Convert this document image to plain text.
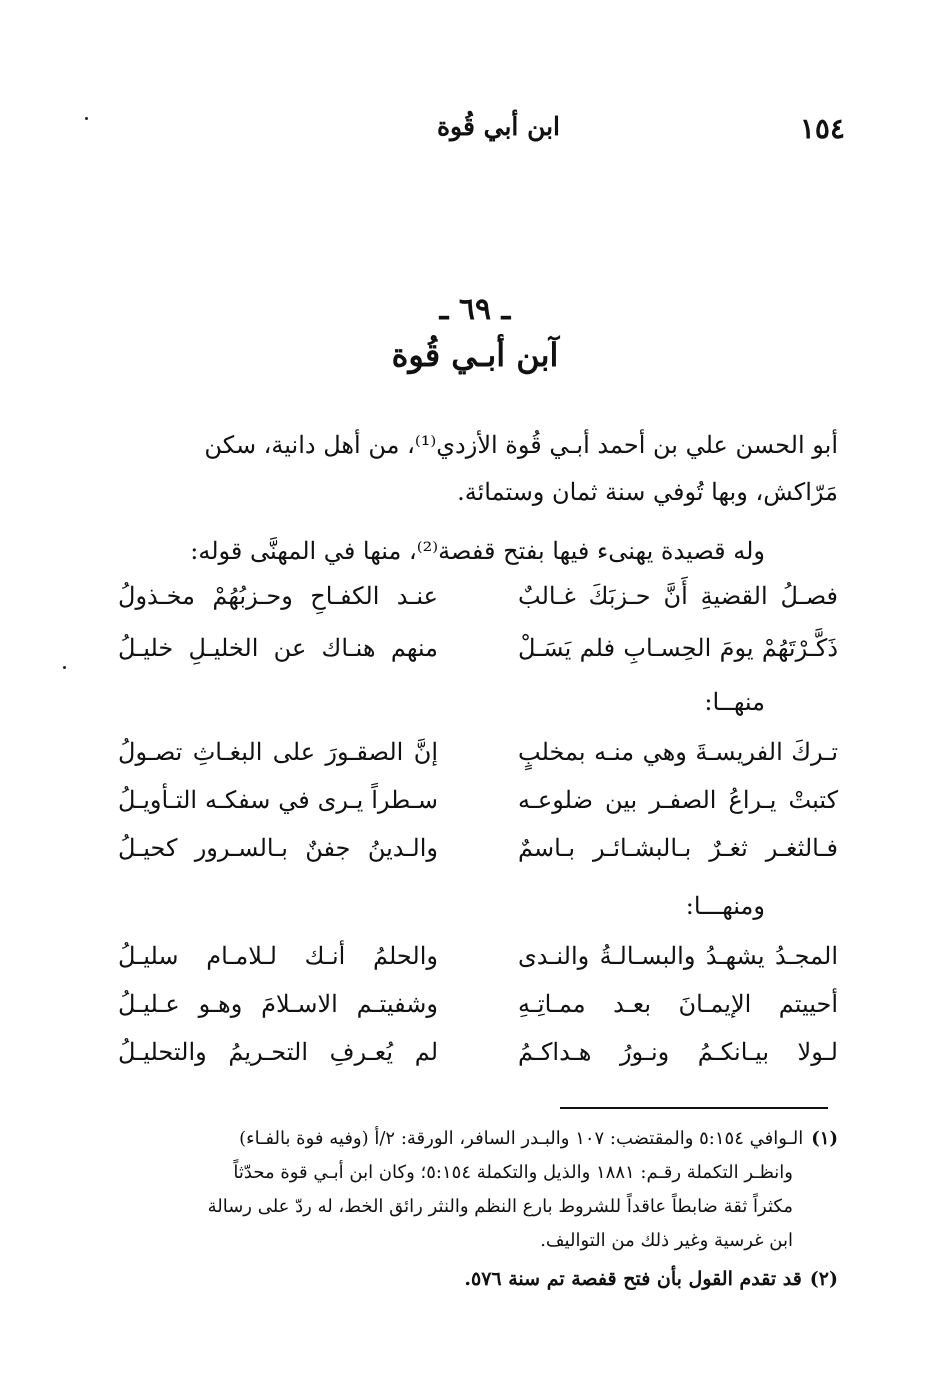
١٥٤
ابن أبي قُوة
ـ ٦٩ ـ
آبن أبـي قُوة
أبو الحسن علي بن أحمد أبـي قُوة الأزدي⁽¹⁾، من أهل دانية، سكن
مَرّاكش، وبها تُوفي سنة ثمان وستمائة.
وله قصيدة يهنىء فيها بفتح قفصة⁽²⁾، منها في المهنَّى قوله:
فصـلُ القضيةِ أَنَّ حـزبَكَ غـالبٌ
عنـد الكفـاحِ وحـزبُهُمْ مخـذولُ
ذَكَّـرْتَهُمْ يومَ الحِسـابِ فلم يَسَـلْ
منهم هنـاك عن الخليـلِ خليـلُ
منهــا:
تـركَ الفريسـةَ وهي منـه بمخلبٍ
إنَّ الصقـورَ على البغـاثِ تصـولُ
كتبتْ يـراعُ الصفـر بين ضلوعـه
سـطراً يـرى في سفكـه التـأويـلُ
فـالثغـر ثغـرٌ بـالبشـائـر بـاسمٌ
والـدينُ جفنٌ بـالسـرور كحيـلُ
ومنهـــا:
المجـدُ يشهـدُ والبسـالـةُ والنـدى
والحلمُ أنـك لـلامـام سليـلُ
أحييتم الإيمـانَ بعـد ممـاتِـهِ
وشفيتـم الاسـلامَ وهـو عـليـلُ
لـولا بيـانكـمُ ونـورُ هـداكـمُ
لم يُعـرفِ التحـريمُ والتحليـلُ
(١)الـوافي ٥:١٥٤ والمقتضب: ١٠٧ والبـدر السافر، الورقة: ٢/أ (وفيه فوة بالفـاء)
وانظـر التكملة رقـم: ١٨٨١ والذيل والتكملة ٥:١٥٤؛ وكان ابن أبـي قوة محدّثاً
مكثراً ثقة ضابطاً عاقداً للشروط بارع النظم والنثر رائق الخط، له ردّ على رسالة
ابن غرسية وغير ذلك من التواليف.
(٢)قد تقدم القول بأن فتح قفصة تم سنة ٥٧٦.
